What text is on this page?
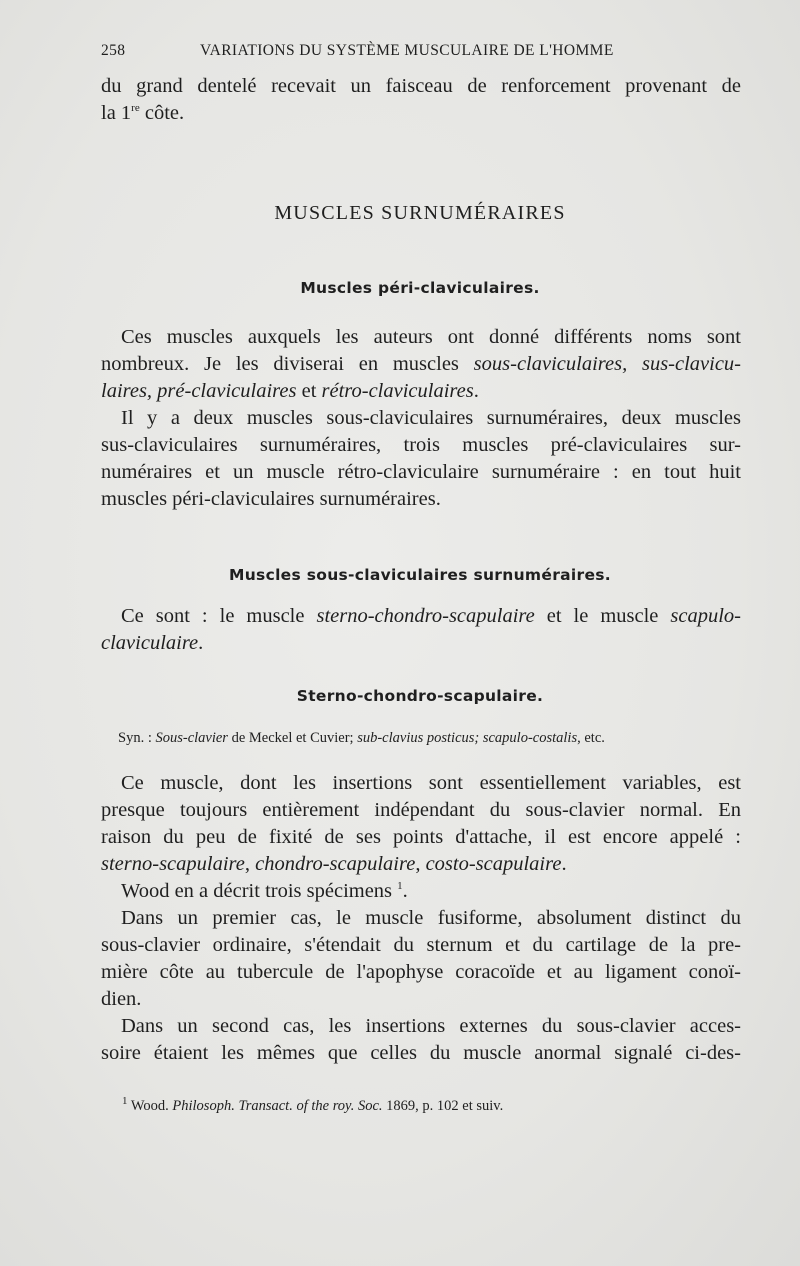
258	VARIATIONS DU SYSTÈME MUSCULAIRE DE L'HOMME
du grand dentelé recevait un faisceau de renforcement provenant de
la 1re côte.
MUSCLES SURNUMÉRAIRES
Muscles péri-claviculaires.
Ces muscles auxquels les auteurs ont donné différents noms sont
nombreux. Je les diviserai en muscles sous-claviculaires, sus-clavicu-
laires, pré-claviculaires et rétro-claviculaires.
Il y a deux muscles sous-claviculaires surnuméraires, deux muscles
sus-claviculaires surnuméraires, trois muscles pré-claviculaires sur-
numéraires et un muscle rétro-claviculaire surnuméraire : en tout huit
muscles péri-claviculaires surnuméraires.
Muscles sous-claviculaires surnuméraires.
Ce sont : le muscle sterno-chondro-scapulaire et le muscle scapulo-
claviculaire.
Sterno-chondro-scapulaire.
Syn. : Sous-clavier de Meckel et Cuvier; sub-clavius posticus; scapulo-costalis, etc.
Ce muscle, dont les insertions sont essentiellement variables, est
presque toujours entièrement indépendant du sous-clavier normal. En
raison du peu de fixité de ses points d'attache, il est encore appelé :
sterno-scapulaire, chondro-scapulaire, costo-scapulaire.
Wood en a décrit trois spécimens $^1$.
Dans un premier cas, le muscle fusiforme, absolument distinct du
sous-clavier ordinaire, s'étendait du sternum et du cartilage de la pre-
mière côte au tubercule de l'apophyse coracoïde et au ligament conoï-
dien.
Dans un second cas, les insertions externes du sous-clavier acces-
soire étaient les mêmes que celles du muscle anormal signalé ci-des-
$^1$ Wood. Philosoph. Transact. of the roy. Soc. 1869, p. 102 et suiv.
